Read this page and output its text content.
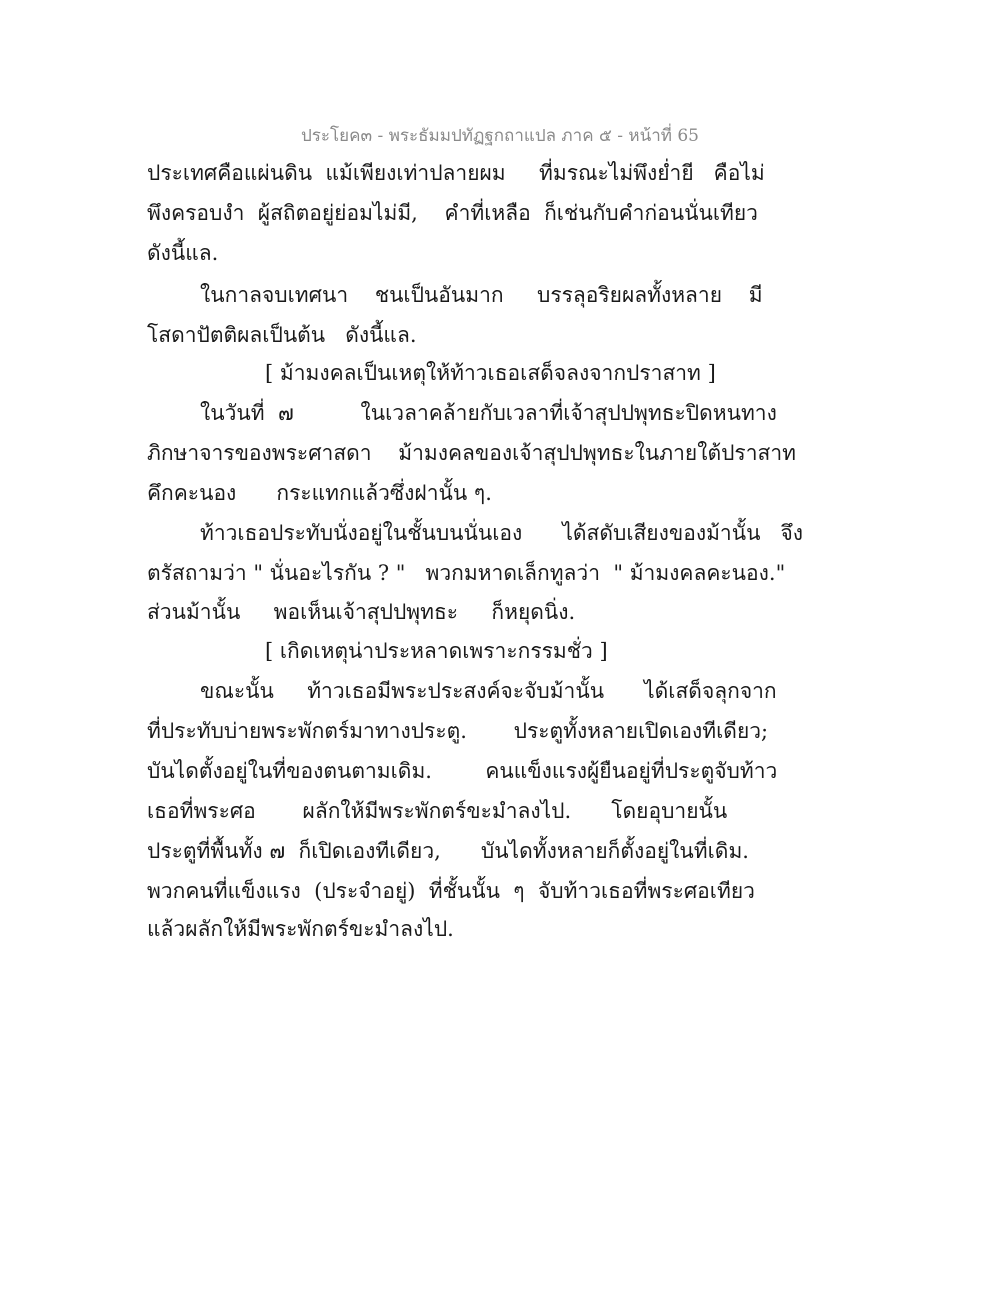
ประโยค๓ - พระธัมมปทัฏฐกถาแปล ภาค ๕ - หน้าที่ 65
ประเทศคือแผ่นดิน  แม้เพียงเท่าปลายผม     ที่มรณะไม่พึงย่ำยี   คือไม่
พึงครอบงำ  ผู้สถิตอยู่ย่อมไม่มี,    คำที่เหลือ  ก็เช่นกับคำก่อนนั่นเทียว
ดังนี้แล.
ในกาลจบเทศนา    ชนเป็นอันมาก     บรรลุอริยผลทั้งหลาย    มี
โสดาปัตติผลเป็นต้น   ดังนี้แล.
[ ม้ามงคลเป็นเหตุให้ท้าวเธอเสด็จลงจากปราสาท ]
ในวันที่  ๗          ในเวลาคล้ายกับเวลาที่เจ้าสุปปพุทธะปิดหนทาง
ภิกษาจารของพระศาสดา    ม้ามงคลของเจ้าสุปปพุทธะในภายใต้ปราสาท
คึกคะนอง      กระแทกแล้วซึ่งฝานั้น ๆ.
ท้าวเธอประทับนั่งอยู่ในชั้นบนนั่นเอง      ได้สดับเสียงของม้านั้น   จึง
ตรัสถามว่า " นั่นอะไรกัน ? "   พวกมหาดเล็กทูลว่า  " ม้ามงคลคะนอง."
ส่วนม้านั้น     พอเห็นเจ้าสุปปพุทธะ     ก็หยุดนิ่ง.
[ เกิดเหตุน่าประหลาดเพราะกรรมชั่ว ]
ขณะนั้น     ท้าวเธอมีพระประสงค์จะจับม้านั้น      ได้เสด็จลุกจาก
ที่ประทับบ่ายพระพักตร์มาทางประตู.       ประตูทั้งหลายเปิดเองทีเดียว;
บันไดตั้งอยู่ในที่ของตนตามเดิม.        คนแข็งแรงผู้ยืนอยู่ที่ประตูจับท้าว
เธอที่พระศอ       ผลักให้มีพระพักตร์ขะมำลงไป.      โดยอุบายนั้น
ประตูที่พื้นทั้ง ๗  ก็เปิดเองทีเดียว,      บันไดทั้งหลายก็ตั้งอยู่ในที่เดิม.
พวกคนที่แข็งแรง  (ประจำอยู่)  ที่ชั้นนั้น  ๆ  จับท้าวเธอที่พระศอเทียว
แล้วผลักให้มีพระพักตร์ขะมำลงไป.
